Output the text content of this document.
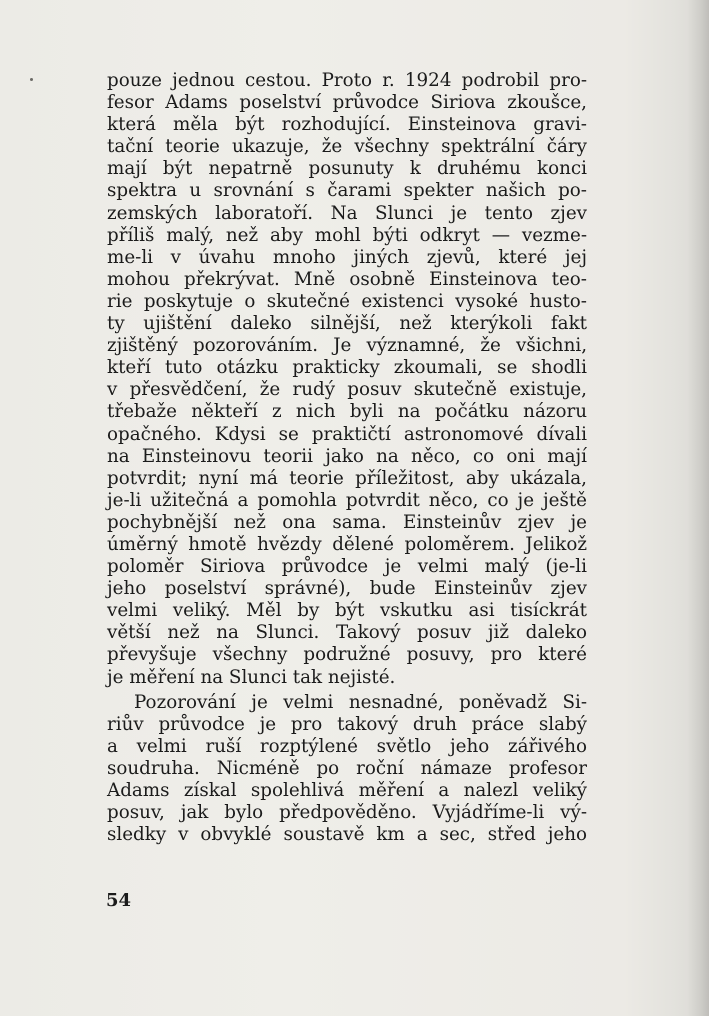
pouze jednou cestou. Proto r. 1924 podrobil pro-
fesor Adams poselství průvodce Siriova zkoušce,
která měla být rozhodující. Einsteinova gravi-
tační teorie ukazuje, že všechny spektrální čáry
mají být nepatrně posunuty k druhému konci
spektra u srovnání s čarami spekter našich po-
zemských laboratoří. Na Slunci je tento zjev
příliš malý, než aby mohl býti odkryt — vezme-
me-li v úvahu mnoho jiných zjevů, které jej
mohou překrývat. Mně osobně Einsteinova teo-
rie poskytuje o skutečné existenci vysoké husto-
ty ujištění daleko silnější, než kterýkoli fakt
zjištěný pozorováním. Je významné, že všichni,
kteří tuto otázku prakticky zkoumali, se shodli
v přesvědčení, že rudý posuv skutečně existuje,
třebaže někteří z nich byli na počátku názoru
opačného. Kdysi se praktičtí astronomové dívali
na Einsteinovu teorii jako na něco, co oni mají
potvrdit; nyní má teorie příležitost, aby ukázala,
je-li užitečná a pomohla potvrdit něco, co je ještě
pochybnější než ona sama. Einsteinův zjev je
úměrný hmotě hvězdy dělené poloměrem. Jelikož
poloměr Siriova průvodce je velmi malý (je-li
jeho poselství správné), bude Einsteinův zjev
velmi veliký. Měl by být vskutku asi tisíckrát
větší než na Slunci. Takový posuv již daleko
převyšuje všechny podružné posuvy, pro které
je měření na Slunci tak nejisté.

Pozorování je velmi nesnadné, poněvadž Si-
riův průvodce je pro takový druh práce slabý
a velmi ruší rozptýlené světlo jeho zářivého
soudruha. Nicméně po roční námaze profesor
Adams získal spolehlivá měření a nalezl veliký
posuv, jak bylo předpověděno. Vyjádříme-li vý-
sledky v obvyklé soustavě km a sec, střed jeho

54
